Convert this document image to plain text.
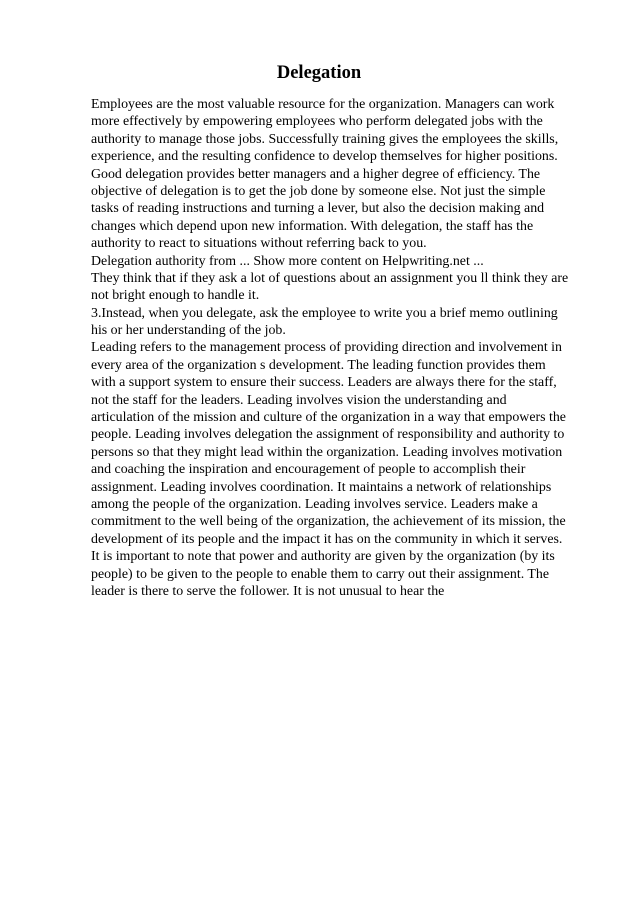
Delegation
Employees are the most valuable resource for the organization. Managers can work
more effectively by empowering employees who perform delegated jobs with the
authority to manage those jobs. Successfully training gives the employees the skills,
experience, and the resulting confidence to develop themselves for higher positions.
Good delegation provides better managers and a higher degree of efficiency. The
objective of delegation is to get the job done by someone else. Not just the simple
tasks of reading instructions and turning a lever, but also the decision making and
changes which depend upon new information. With delegation, the staff has the
authority to react to situations without referring back to you.
Delegation authority from ... Show more content on Helpwriting.net ...
They think that if they ask a lot of questions about an assignment you ll think they are
not bright enough to handle it.
3.Instead, when you delegate, ask the employee to write you a brief memo outlining
his or her understanding of the job.
Leading refers to the management process of providing direction and involvement in
every area of the organization s development. The leading function provides them
with a support system to ensure their success. Leaders are always there for the staff,
not the staff for the leaders. Leading involves vision the understanding and
articulation of the mission and culture of the organization in a way that empowers the
people. Leading involves delegation the assignment of responsibility and authority to
persons so that they might lead within the organization. Leading involves motivation
and coaching the inspiration and encouragement of people to accomplish their
assignment. Leading involves coordination. It maintains a network of relationships
among the people of the organization. Leading involves service. Leaders make a
commitment to the well being of the organization, the achievement of its mission, the
development of its people and the impact it has on the community in which it serves.
It is important to note that power and authority are given by the organization (by its
people) to be given to the people to enable them to carry out their assignment. The
leader is there to serve the follower. It is not unusual to hear the
